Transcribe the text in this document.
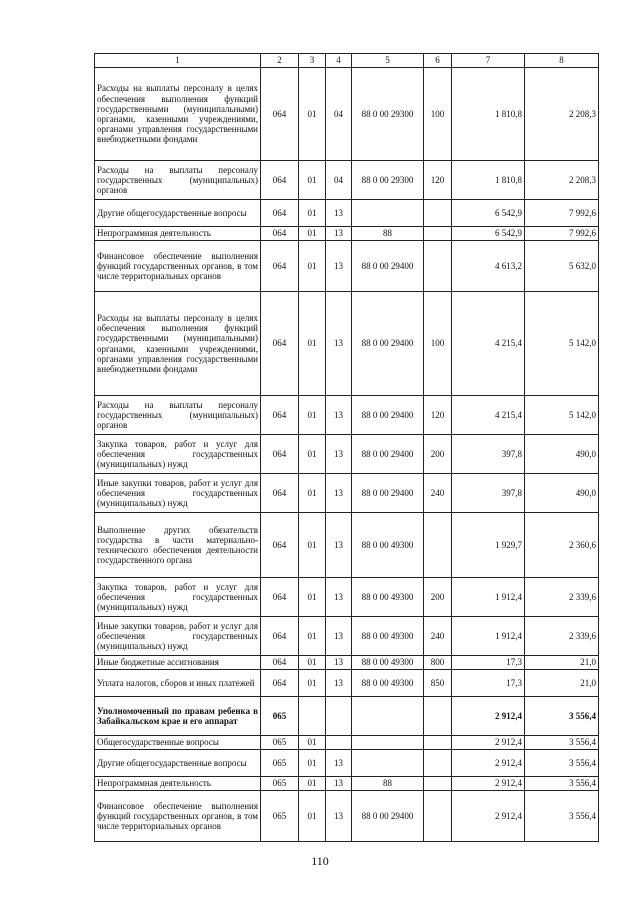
1	2	3	4	5	6	7	8
Расходы на выплаты персоналу в целях обеспечения выполнения функций государственными (муниципальными) органами, казенными учреждениями, органами управления государственными внебюджетными фондами	064	01	04	88 0 00 29300	100	1 810,8	2 208,3
Расходы на выплаты персоналу государственных (муниципальных) органов	064	01	04	88 0 00 29300	120	1 810,8	2 208,3
Другие общегосударственные вопросы	064	01	13			6 542,9	7 992,6
Непрограммная деятельность	064	01	13	88		6 542,9	7 992,6
Финансовое обеспечение выполнения функций государственных органов, в том числе территориальных органов	064	01	13	88 0 00 29400		4 613,2	5 632,0
Расходы на выплаты персоналу в целях обеспечения выполнения функций государственными (муниципальными) органами, казенными учреждениями, органами управления государственными внебюджетными фондами	064	01	13	88 0 00 29400	100	4 215,4	5 142,0
Расходы на выплаты персоналу государственных (муниципальных) органов	064	01	13	88 0 00 29400	120	4 215,4	5 142,0
Закупка товаров, работ и услуг для обеспечения государственных (муниципальных) нужд	064	01	13	88 0 00 29400	200	397,8	490,0
Иные закупки товаров, работ и услуг для обеспечения государственных (муниципальных) нужд	064	01	13	88 0 00 29400	240	397,8	490,0
Выполнение других обязательств государства в части материально-технического обеспечения деятельности государственного органа	064	01	13	88 0 00 49300		1 929,7	2 360,6
Закупка товаров, работ и услуг для обеспечения государственных (муниципальных) нужд	064	01	13	88 0 00 49300	200	1 912,4	2 339,6
Иные закупки товаров, работ и услуг для обеспечения государственных (муниципальных) нужд	064	01	13	88 0 00 49300	240	1 912,4	2 339,6
Иные бюджетные ассигнования	064	01	13	88 0 00 49300	800	17,3	21,0
Уплата налогов, сборов и иных платежей	064	01	13	88 0 00 49300	850	17,3	21,0
Уполномоченный по правам ребенка в Забайкальском крае и его аппарат	065					2 912,4	3 556,4
Общегосударственные вопросы	065	01				2 912,4	3 556,4
Другие общегосударственные вопросы	065	01	13			2 912,4	3 556,4
Непрограммная деятельность	065	01	13	88		2 912,4	3 556,4
Финансовое обеспечение выполнения функций государственных органов, в том числе территориальных органов	065	01	13	88 0 00 29400		2 912,4	3 556,4
110
